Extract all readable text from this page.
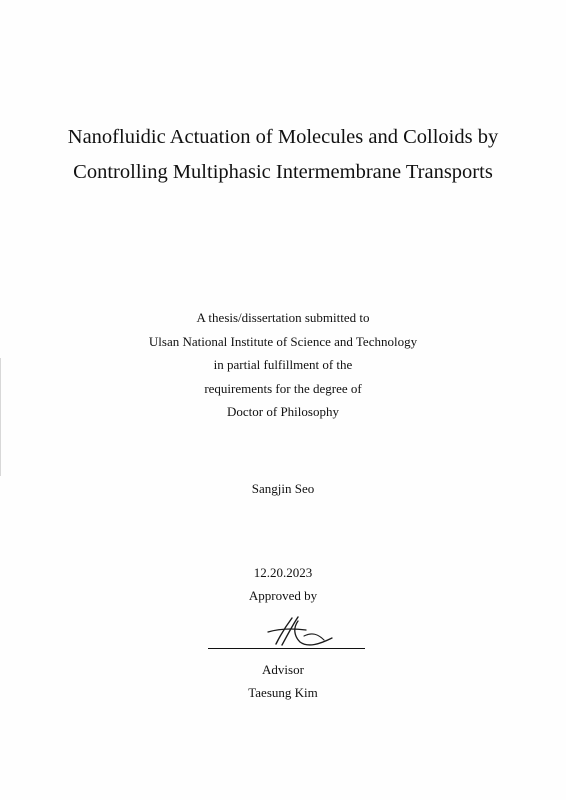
Nanofluidic Actuation of Molecules and Colloids by
Controlling Multiphasic Intermembrane Transports
A thesis/dissertation submitted to
Ulsan National Institute of Science and Technology
in partial fulfillment of the
requirements for the degree of
Doctor of Philosophy
Sangjin Seo
12.20.2023
Approved by
Advisor
Taesung Kim
